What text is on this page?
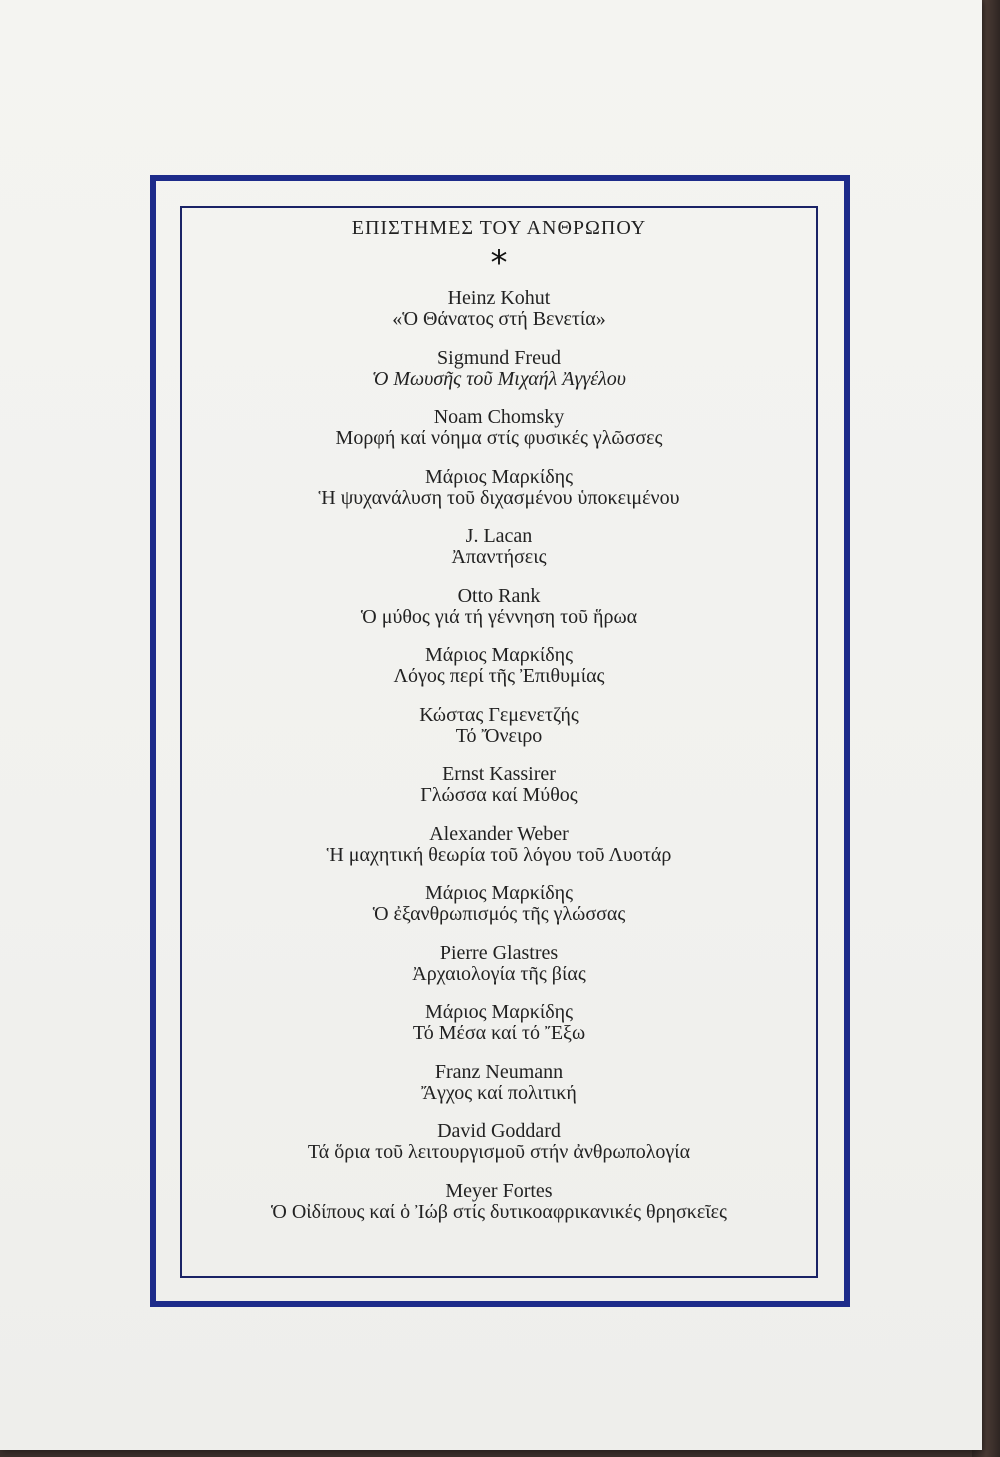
ΕΠΙΣΤΗΜΕΣ ΤΟΥ ΑΝΘΡΩΠΟΥ
*
Heinz Kohut
«Ὁ Θάνατος στή Βενετία»
Sigmund Freud
Ὁ Μωυσῆς τοῦ Μιχαήλ Ἀγγέλου
Noam Chomsky
Μορφή καί νόημα στίς φυσικές γλῶσσες
Μάριος Μαρκίδης
Ἡ ψυχανάλυση τοῦ διχασμένου ὑποκειμένου
J. Lacan
Ἀπαντήσεις
Otto Rank
Ὁ μύθος γιά τή γέννηση τοῦ ἥρωα
Μάριος Μαρκίδης
Λόγος περί τῆς Ἐπιθυμίας
Κώστας Γεμενετζής
Τό Ὄνειρο
Ernst Kassirer
Γλώσσα καί Μύθος
Alexander Weber
Ἡ μαχητική θεωρία τοῦ λόγου τοῦ Λυοτάρ
Μάριος Μαρκίδης
Ὁ ἐξανθρωπισμός τῆς γλώσσας
Pierre Glastres
Ἀρχαιολογία τῆς βίας
Μάριος Μαρκίδης
Τό Μέσα καί τό Ἔξω
Franz Neumann
Ἄγχος καί πολιτική
David Goddard
Τά ὅρια τοῦ λειτουργισμοῦ στήν ἀνθρωπολογία
Meyer Fortes
Ὁ Οἰδίπους καί ὁ Ἰώβ στίς δυτικοαφρικανικές θρησκεῖες
